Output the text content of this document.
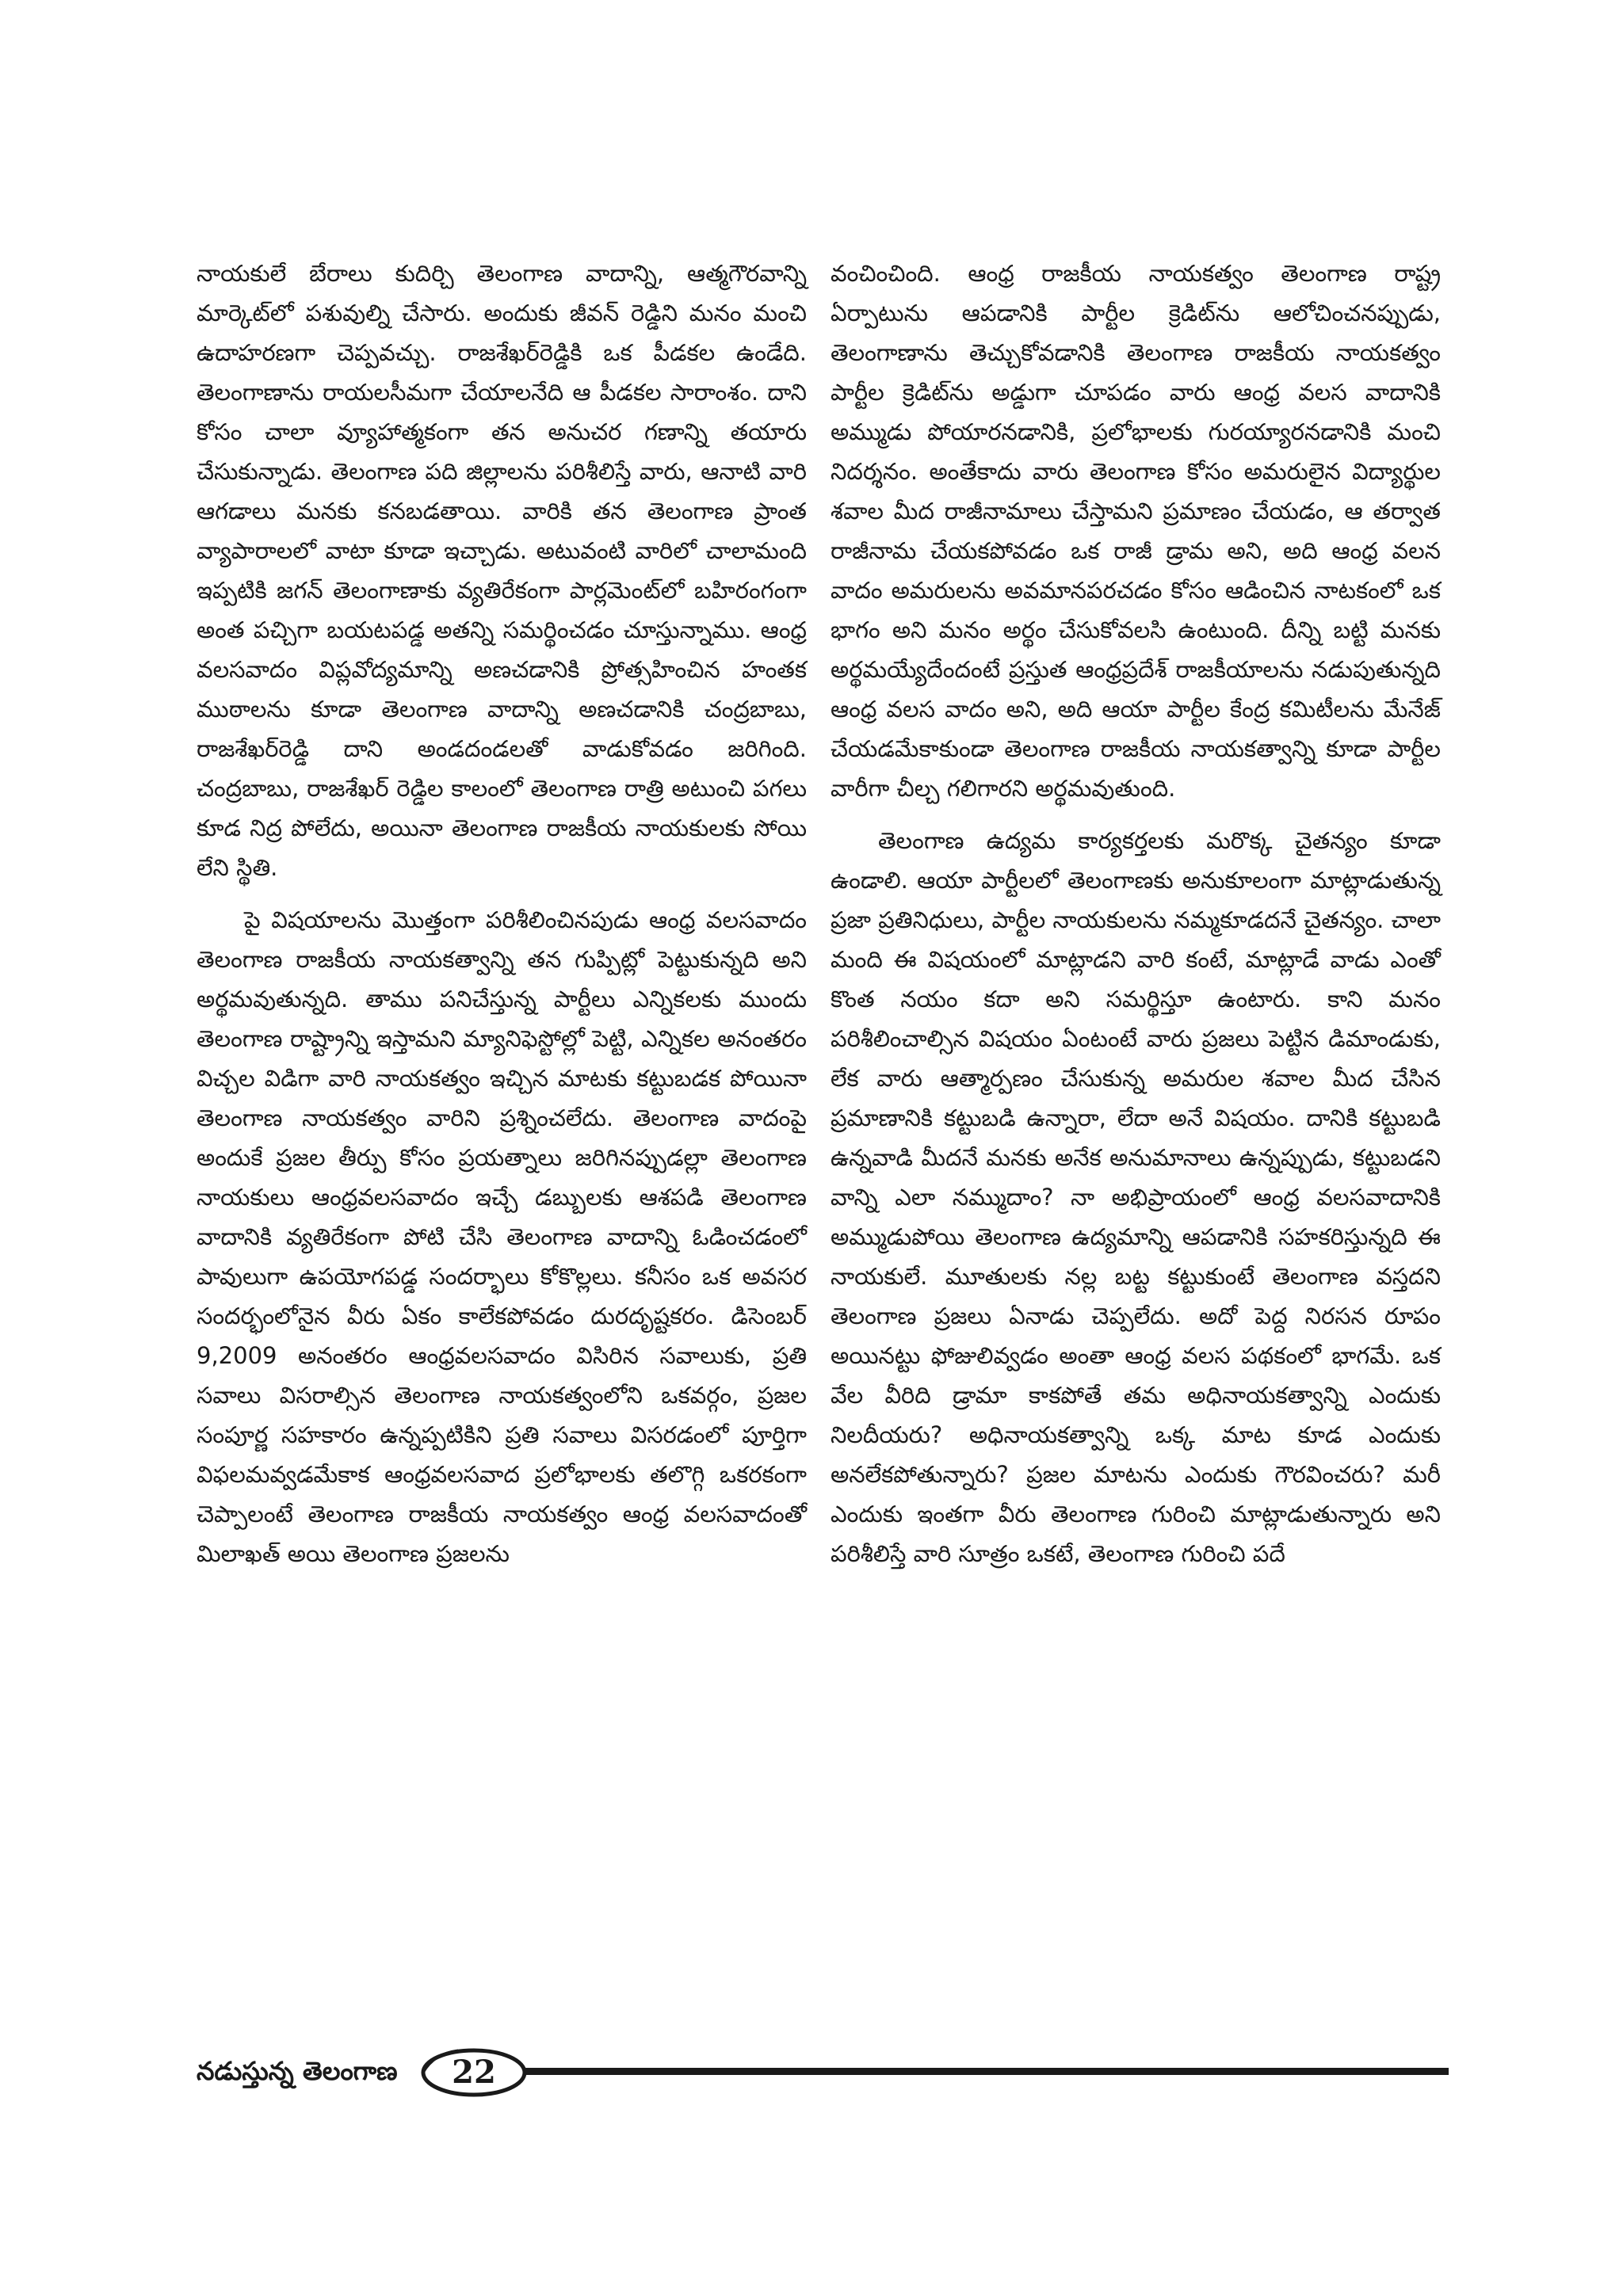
నాయకులే బేరాలు కుదిర్చి తెలంగాణ వాదాన్ని, ఆత్మగౌరవాన్ని మార్కెట్‌లో పశువుల్ని చేసారు. అందుకు జీవన్ రెడ్డిని మనం మంచి ఉదాహరణగా చెప్పవచ్చు. రాజశేఖర్‌రెడ్డికి ఒక పీడకల ఉండేది. తెలంగాణాను రాయలసీమగా చేయాలనేది ఆ పీడకల సారాంశం. దాని కోసం చాలా వ్యూహాత్మకంగా తన అనుచర గణాన్ని తయారు చేసుకున్నాడు. తెలంగాణ పది జిల్లాలను పరిశీలిస్తే వారు, ఆనాటి వారి ఆగడాలు మనకు కనబడతాయి. వారికి తన తెలంగాణ ప్రాంత వ్యాపారాలలో వాటా కూడా ఇచ్చాడు. అటువంటి వారిలో చాలామంది ఇప్పటికి జగన్ తెలంగాణాకు వ్యతిరేకంగా పార్లమెంట్‌లో బహిరంగంగా అంత పచ్చిగా బయటపడ్డ అతన్ని సమర్థించడం చూస్తున్నాము. ఆంధ్ర వలసవాదం విప్లవోద్యమాన్ని అణచడానికి ప్రోత్సహించిన హంతక ముఠాలను కూడా తెలంగాణ వాదాన్ని అణచడానికి చంద్రబాబు, రాజశేఖర్‌రెడ్డి దాని అండదండలతో వాడుకోవడం జరిగింది. చంద్రబాబు, రాజశేఖర్ రెడ్డిల కాలంలో తెలంగాణ రాత్రి అటుంచి పగలు కూడ నిద్ర పోలేదు, అయినా తెలంగాణ రాజకీయ నాయకులకు సోయి లేని స్థితి.

పై విషయాలను మొత్తంగా పరిశీలించినపుడు ఆంధ్ర వలసవాదం తెలంగాణ రాజకీయ నాయకత్వాన్ని తన గుప్పిట్లో పెట్టుకున్నది అని అర్థమవుతున్నది. తాము పనిచేస్తున్న పార్టీలు ఎన్నికలకు ముందు తెలంగాణ రాష్ట్రాన్ని ఇస్తామని మ్యానిఫెస్టోల్లో పెట్టి, ఎన్నికల అనంతరం విచ్చల విడిగా వారి నాయకత్వం ఇచ్చిన మాటకు కట్టుబడక పోయినా తెలంగాణ నాయకత్వం వారిని ప్రశ్నించలేదు. తెలంగాణ వాదంపై అందుకే ప్రజల తీర్పు కోసం ప్రయత్నాలు జరిగినప్పుడల్లా తెలంగాణ నాయకులు ఆంధ్రవలసవాదం ఇచ్చే డబ్బులకు ఆశపడి తెలంగాణ వాదానికి వ్యతిరేకంగా పోటి చేసి తెలంగాణ వాదాన్ని ఓడించడంలో పావులుగా ఉపయోగపడ్డ సందర్భాలు కోకొల్లలు. కనీసం ఒక అవసర సందర్భంలోనైన వీరు ఏకం కాలేకపోవడం దురదృష్టకరం. డిసెంబర్ 9,2009 అనంతరం ఆంధ్రవలసవాదం విసిరిన సవాలుకు, ప్రతి సవాలు విసరాల్సిన తెలంగాణ నాయకత్వంలోని ఒకవర్గం, ప్రజల సంపూర్ణ సహకారం ఉన్నప్పటికిని ప్రతి సవాలు విసరడంలో పూర్తిగా విఫలమవ్వడమేకాక ఆంధ్రవలసవాద ప్రలోభాలకు తలొగ్గి ఒకరకంగా చెప్పాలంటే తెలంగాణ రాజకీయ నాయకత్వం ఆంధ్ర వలసవాదంతో మిలాఖత్ అయి తెలంగాణ ప్రజలను

వంచించింది. ఆంధ్ర రాజకీయ నాయకత్వం తెలంగాణ రాష్ట్ర ఏర్పాటును ఆపడానికి పార్టీల క్రెడిట్‌ను ఆలోచించనప్పుడు, తెలంగాణాను తెచ్చుకోవడానికి తెలంగాణ రాజకీయ నాయకత్వం పార్టీల క్రెడిట్‌ను అడ్డుగా చూపడం వారు ఆంధ్ర వలస వాదానికి అమ్ముడు పోయారనడానికి, ప్రలోభాలకు గురయ్యారనడానికి మంచి నిదర్శనం. అంతేకాదు వారు తెలంగాణ కోసం అమరులైన విద్యార్థుల శవాల మీద రాజీనామాలు చేస్తామని ప్రమాణం చేయడం, ఆ తర్వాత రాజీనామ చేయకపోవడం ఒక రాజీ డ్రామ అని, అది ఆంధ్ర వలన వాదం అమరులను అవమానపరచడం కోసం ఆడించిన నాటకంలో ఒక భాగం అని మనం అర్థం చేసుకోవలసి ఉంటుంది. దీన్ని బట్టి మనకు అర్థమయ్యేదేందంటే ప్రస్తుత ఆంధ్రప్రదేశ్ రాజకీయాలను నడుపుతున్నది ఆంధ్ర వలస వాదం అని, అది ఆయా పార్టీల కేంద్ర కమిటీలను మేనేజ్ చేయడమేకాకుండా తెలంగాణ రాజకీయ నాయకత్వాన్ని కూడా పార్టీల వారీగా చీల్చ గలిగారని అర్థమవుతుంది.

తెలంగాణ ఉద్యమ కార్యకర్తలకు మరొక్క చైతన్యం కూడా ఉండాలి. ఆయా పార్టీలలో తెలంగాణకు అనుకూలంగా మాట్లాడుతున్న ప్రజా ప్రతినిధులు, పార్టీల నాయకులను నమ్మకూడదనే చైతన్యం. చాలా మంది ఈ విషయంలో మాట్లాడని వారి కంటే, మాట్లాడే వాడు ఎంతో కొంత నయం కదా అని సమర్థిస్తూ ఉంటారు. కాని మనం పరిశీలించాల్సిన విషయం ఏంటంటే వారు ప్రజలు పెట్టిన డిమాండుకు, లేక వారు ఆత్మార్పణం చేసుకున్న అమరుల శవాల మీద చేసిన ప్రమాణానికి కట్టుబడి ఉన్నారా, లేదా అనే విషయం. దానికి కట్టుబడి ఉన్నవాడి మీదనే మనకు అనేక అనుమానాలు ఉన్నప్పుడు, కట్టుబడని వాన్ని ఎలా నమ్ముదాం? నా అభిప్రాయంలో ఆంధ్ర వలసవాదానికి అమ్ముడుపోయి తెలంగాణ ఉద్యమాన్ని ఆపడానికి సహకరిస్తున్నది ఈ నాయకులే. మూతులకు నల్ల బట్ట కట్టుకుంటే తెలంగాణ వస్తదని తెలంగాణ ప్రజలు ఏనాడు చెప్పలేదు. అదో పెద్ద నిరసన రూపం అయినట్టు ఫోజులివ్వడం అంతా ఆంధ్ర వలస పథకంలో భాగమే. ఒక వేల వీరిది డ్రామా కాకపోతే తమ అధినాయకత్వాన్ని ఎందుకు నిలదీయరు? అధినాయకత్వాన్ని ఒక్క మాట కూడ ఎందుకు అనలేకపోతున్నారు? ప్రజల మాటను ఎందుకు గౌరవించరు? మరీ ఎందుకు ఇంతగా వీరు తెలంగాణ గురించి మాట్లాడుతున్నారు అని పరిశీలిస్తే వారి సూత్రం ఒకటే, తెలంగాణ గురించి పదే

నడుస్తున్న తెలంగాణ	22
